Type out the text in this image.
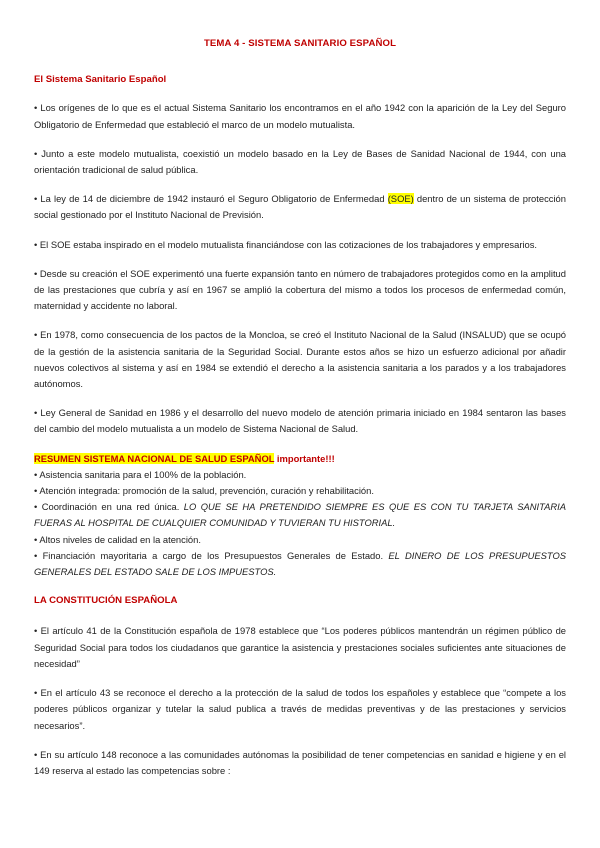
TEMA 4 - SISTEMA SANITARIO ESPAÑOL
El Sistema Sanitario Español

• Los orígenes de lo que es el actual Sistema Sanitario los encontramos en el año 1942 con la aparición de la Ley del Seguro Obligatorio de Enfermedad que estableció el marco de un modelo mutualista.

• Junto a este modelo mutualista, coexistió un modelo basado en la Ley de Bases de Sanidad Nacional de 1944, con una orientación tradicional de salud pública.

• La ley de 14 de diciembre de 1942 instauró el Seguro Obligatorio de Enfermedad (SOE) dentro de un sistema de protección social gestionado por el Instituto Nacional de Previsión.

• El SOE estaba inspirado en el modelo mutualista financiándose con las cotizaciones de los trabajadores y empresarios.

• Desde su creación el SOE experimentó una fuerte expansión tanto en número de trabajadores protegidos como en la amplitud de las prestaciones que cubría y así en 1967 se amplió la cobertura del mismo a todos los procesos de enfermedad común, maternidad y accidente no laboral.

• En 1978, como consecuencia de los pactos de la Moncloa, se creó el Instituto Nacional de la Salud (INSALUD) que se ocupó de la gestión de la asistencia sanitaria de la Seguridad Social. Durante estos años se hizo un esfuerzo adicional por añadir nuevos colectivos al sistema y así en 1984 se extendió el derecho a la asistencia sanitaria a los parados y a los trabajadores autónomos.

• Ley General de Sanidad en 1986 y el desarrollo del nuevo modelo de atención primaria iniciado en 1984 sentaron las bases del cambio del modelo mutualista a un modelo de Sistema Nacional de Salud.

RESUMEN SISTEMA NACIONAL DE SALUD ESPAÑOL importante!!!
• Asistencia sanitaria para el 100% de la población.
• Atención integrada: promoción de la salud, prevención, curación y rehabilitación.
• Coordinación en una red única. LO QUE SE HA PRETENDIDO SIEMPRE ES QUE ES CON TU TARJETA SANITARIA FUERAS AL HOSPITAL DE CUALQUIER COMUNIDAD Y TUVIERAN TU HISTORIAL.
• Altos niveles de calidad en la atención.
• Financiación mayoritaria a cargo de los Presupuestos Generales de Estado. EL DINERO DE LOS PRESUPUESTOS GENERALES DEL ESTADO SALE DE LOS IMPUESTOS.
LA CONSTITUCIÓN ESPAÑOLA

• El artículo 41 de la Constitución española de 1978 establece que “Los poderes públicos mantendrán un régimen público de Seguridad Social para todos los ciudadanos que garantice la asistencia y prestaciones sociales suficientes ante situaciones de necesidad”

• En el artículo 43 se reconoce el derecho a la protección de la salud de todos los españoles y establece que “compete a los poderes públicos organizar y tutelar la salud publica a través de medidas preventivas y de las prestaciones y servicios necesarios”.

• En su artículo 148 reconoce a las comunidades autónomas la posibilidad de tener competencias en sanidad e higiene y en el 149 reserva al estado las competencias sobre :
